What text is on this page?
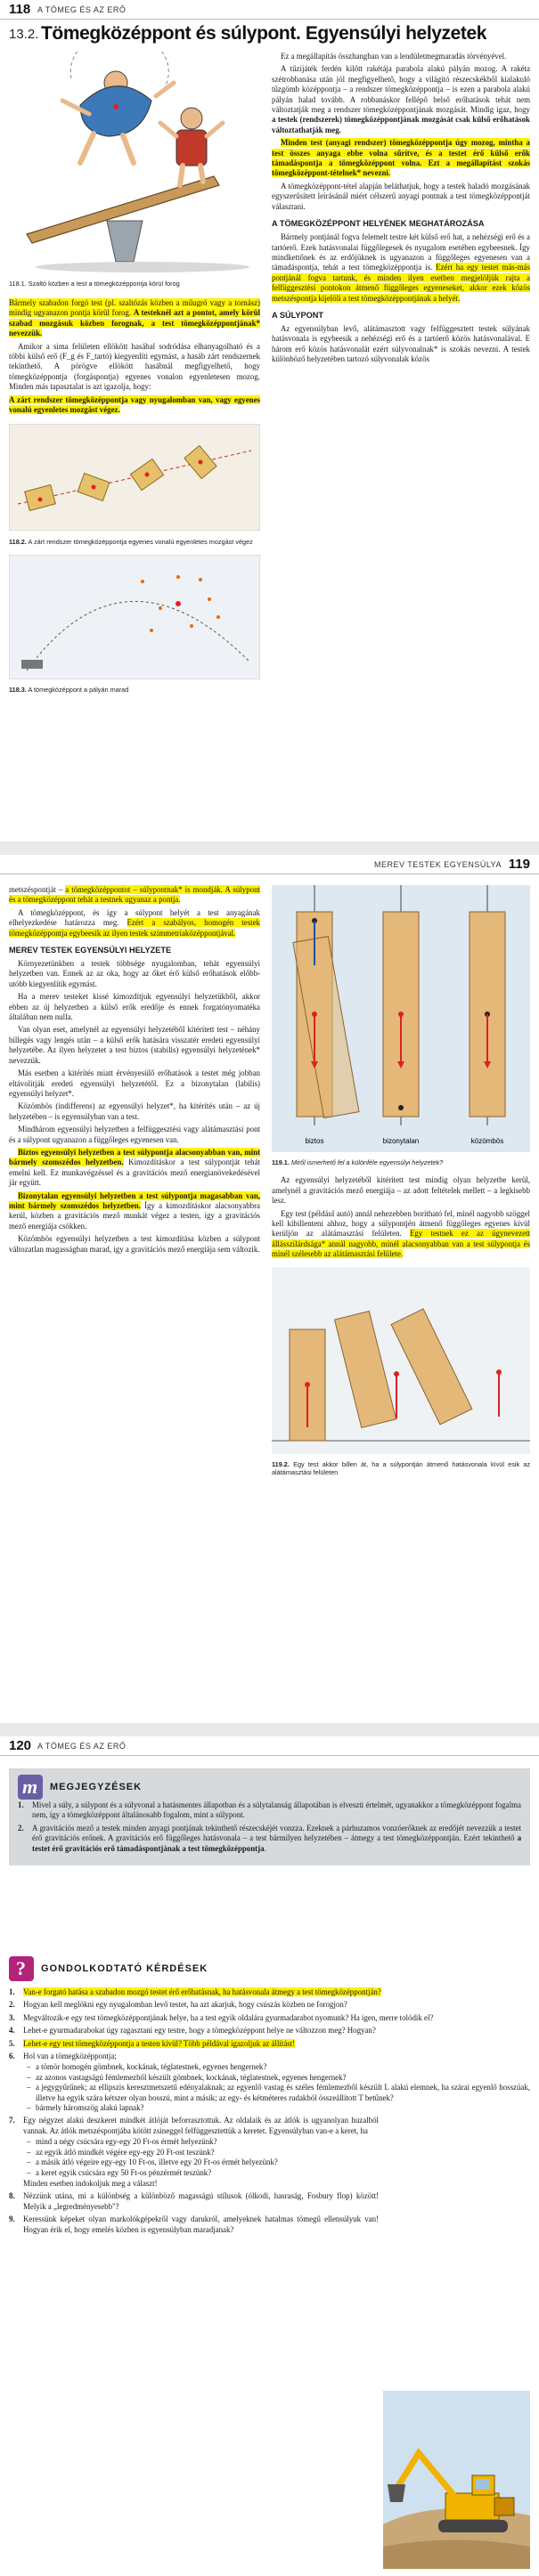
118 A TÖMEG ÉS AZ ERŐ
13.2. Tömegközéppont és súlypont. Egyensúlyi helyzetek
118.1. Szaltó közben a test a tömegközéppontja körül forog

Bármely szabadon forgó test (pl. szaltózás közben a műugró vagy a tornász) mindig ugyanazon pontja körül forog. A testeknél azt a pontot, amely körül szabad mozgásuk közben forognak, a test tömegközéppontjának* nevezzük.

Amikor a sima felületen ellökött hasábal sodródása elhanyagolható és a többi külső erő (F_g és F_tartó) kiegyenlíti egymást, a hasáb zárt rendszernek tekinthető. A pörögve ellökött hasábnál megfigyelhető, hogy tömegközéppontja (forgáspontja) egyenes vonalon egyenletesen mozog. Minden más tapasztalat is azt igazolja, hogy:

A zárt rendszer tömegközéppontja vagy nyugalomban van, vagy egyenes vonalú egyenletes mozgást végez.

118.2. A zárt rendszer tömegközéppontja egyenes vonalú egyenletes mozgást végez
118.3. A tömegközéppont a pályán marad

Ez a megállapítás összhangban van a lendületmegmaradás törvényével.

A tűzijáték ferdén kilőtt rakétája parabola alakú pályán mozog. A rakéta szétrobbanása után jól megfigyelhető, hogy a világító részecskékből kialakuló tűzgömb középpontja – a rendszer tömegközéppontja – is ezen a parabola alakú pályán halad tovább. A robbanáskor fellépő belső erőhatások tehát nem változtatják meg a rendszer tömegközéppontjának mozgását. Mindig igaz, hogy a testek (rendszerek) tömegközéppontjának mozgását csak külső erőhatások változtathatják meg.

Minden test (anyagi rendszer) tömegközéppontja úgy mozog, mintha a test összes anyaga ebbe volna sűrítve, és a testet érő külső erők támadáspontja a tömegközéppont volna. Ezt a megállapítást szokás tömegközéppont-tételnek* nevezni.

A tömegközéppont-tétel alapján beláthatjuk, hogy a testek haladó mozgásának egyszerűsített leírásánál miért célszerű anyagi pontnak a test tömegközéppontját választani.

A TÖMEGKÖZÉPPONT HELYÉNEK MEGHATÁROZÁSA

Bármely pontjánál fogva felemelt testre két külső erő hat, a nehézségi erő és a tartóerő. Ezek hatásvonalai függőlegesek és nyugalom esetében egybeesnek. Így mindkettőnek és az erdőjüknek is ugyanazon a függőleges egyenesen van a támadáspontja, tehát a test tömegközéppontja is. Ezért ha egy testet más-más pontjánál fogva tartunk, és minden ilyen esetben megjelöljük rajta a felfüggesztési pontokon átmenő függőleges egyeneseket, akkor ezek közös metszéspontja kijelöli a test tömegközéppontjának a helyét.

A SÚLYPONT

Az egyensúlyban levő, alátámasztott vagy felfüggesztett testek súlyának hatásvonala is egybeesik a nehézségi erő és a tartóerő közös hatásvonalával. E három erő közös hatásvonalát ezért súlyvonalnak* is szokás nevezni. A testek különböző helyzetében tartozó súlyvonalak közös

MEREV TESTEK EGYENSÚLYA 119

metszéspontját – a tömegközéppontot – súlypontnak* is mondják. A súlypont és a tömegközéppont tehát a testnek ugyanaz a pontja.

A tömegközéppont, és így a súlypont helyét a test anyagának elhelyezkedése határozza meg. Ezért a szabályos, homogén testek tömegközéppontja egybeesik az ilyen testek szimmetriaközéppontjával.

MEREV TESTEK EGYENSÚLYI HELYZETE

Környezetünkben a testek többsége nyugalomban, tehát egyensúlyi helyzetben van. Ennek az az oka, hogy az őket érő külső erőhatások előbb-utóbb kiegyenlítik egymást.

Ha a merev testeket kissé kimozdítjuk egyensúlyi helyzetükből, akkor ebben az új helyzetben a külső erők eredője és ennek forgatónyomatéka általában nem nulla.

Van olyan eset, amelynél az egyensúlyi helyzetéből kitérített test – néhány billegés vagy lengés után – a külső erők hatására visszatér eredeti egyensúlyi helyzetébe. Az ilyen helyzetet a test biztos (stabilis) egyensúlyi helyzetének* nevezzük.

Más esetben a kitérítés miatt érvényesülő erőhatások a testet még jobban eltávolítják eredeti egyensúlyi helyzetétől. Ez a bizonytalan (labilis) egyensúlyi helyzet*.

Közömbös (indifferens) az egyensúlyi helyzet*, ha kitérítés után – az új helyzetében – is egyensúlyban van a test.

Mindhárom egyensúlyi helyzetben a felfüggesztési vagy alátámasztási pont és a súlypont ugyanazon a függőleges egyenesen van.

Biztos egyensúlyi helyzetben a test súlypontja alacsonyabban van, mint bármely szomszédos helyzetben. Kimozdításkor a test súlypontját tehát emelni kell. Ez munkavégzéssel és a gravitációs mező energianövekedésével jár együtt.

Bizonytalan egyensúlyi helyzetben a test súlypontja magasabban van, mint bármely szomszédos helyzetben. Így a kimozdításkor alacsonyabbra kerül, közben a gravitációs mező munkát végez a testen, így a gravitációs mező energiája csökken.

Közömbös egyensúlyi helyzetben a test kimozdítása közben a súlypont változatlan magasságban marad, így a gravitációs mező energiája sem változik.

biztos	bizonytalan	közömbös
119.1. Miről ismerhető fel a különféle egyensúlyi helyzetek?

Az egyensúlyi helyzetéből kitérített test mindig olyan helyzetbe kerül, amelynél a gravitációs mező energiája – az adott feltételek mellett – a legkisebb lesz.

Egy test (például autó) annál nehezebben borítható fel, minél nagyobb szöggel kell kibillenteni ahhoz, hogy a súlypontjén átmenő függőleges egyenes kívül kerüljön az alátámasztási felületen. Egy testnek ez az úgynevezett állásszilárdsága* annál nagyobb, minél alacsonyabban van a test súlypontja és minél szélesebb az alátámasztási felülete.

119.2. Egy test akkor billen át, ha a súlypontján átmenő hatásvonala kívül esik az alátámasztási felületen
120 A TÖMEG ÉS AZ ERŐ
m	MEGJEGYZÉSEK
1. Mivel a súly, a súlypont és a súlyvonal a hatásmentes állapotban és a súlytalanság állapotában is elveszti értelmét, ugyanakkor a tömegközéppont fogalma nem, így a tömegközéppont általánosabb fogalom, mint a súlypont.
2. A gravitációs mező a testek minden anyagi pontjának tekinthető részecskéjét vonzza. Ezeknek a párhuzamos vonzóerőknek az eredőjét nevezzük a testet érő gravitációs erőnek. A gravitációs erő függőleges hatásvonala – a test bármilyen helyzetében – átmegy a test tömegközéppontján. Ezért tekinthető a testet érő gravitációs erő támadáspontjának a test tömegközéppontja.
?	GONDOLKODTATÓ KÉRDÉSEK
1. Van-e forgató hatása a szabadon mozgó testet érő erőhatásnak, ha hatásvonala átmegy a test tömegközéppontján?
2. Hogyan kell meglökni egy nyugalomban levő testet, ha azt akarjuk, hogy csúszás közben ne forogjon?
3. Megváltozik-e egy test tömegközéppontjának helye, ha a test egyik oldalára gyurmadarabot nyomunk? Ha igen, merre tolódik el?
4. Lehet-e gyurmadarabokat úgy ragasztani egy testre, hogy a tömegközéppont helye ne változzon meg? Hogyan?
5. Lehet-e egy test tömegközéppontja a testen kívül? Több példával igazoljuk az állítást!
6. Hol van a tömegközéppontja;
– a tömör homogén gömbnek, kockának, téglatestnek, egyenes hengernek?
– az azonos vastagságú fémlemezből készült gömbnek, kockának, téglatestnek, egyenes hengernek?
– a jegygyűrűnek; az ellipszis keresztmetszetű edényalaknak; az egyenlő vastag és széles fémlemezből készült L alakú elemnek, ha szárai egyenlő hosszúak, illetve ha egyik szára kétszer olyan hosszú, mint a másik; az egy- és kétméteres rudakból összeállított T betűnek?
– bármely háromszög alakú lapnak?
7. Egy négyzet alakú deszkeret mindkét átlóját beforrasztottuk. Az oldalaik és az átlók is ugyanolyan huzalból vannak. Az átlók metszéspontjába kötött zsineggel felfüggesztettük a keretet. Egyensúlyban van-e a keret, ha
– mind a négy csúcsára egy-egy 20 Ft-os érmét helyezünk?
– az egyik átló mindkét végére egy-egy 20 Ft-ost teszünk?
– a másik átló végeire egy-egy 10 Ft-os, illetve egy 20 Ft-os érmét helyezünk?
– a keret egyik csúcsára egy 50 Ft-os pénzérmét teszünk?
Minden esetben indokoljuk meg a választ!
8. Nézzünk utána, mi a különbség a különböző magasságú stílusok (ólkodi, hasraság, Fosbury flop) között! Melyik a „legredményesebb"?
9. Keressünk képeket olyan markolókgépekről vagy darukról, amelyeknek hatalmas tömegű ellensúlyuk van! Hogyan érik el, hogy emelés közben is egyensúlyban maradjanak?
